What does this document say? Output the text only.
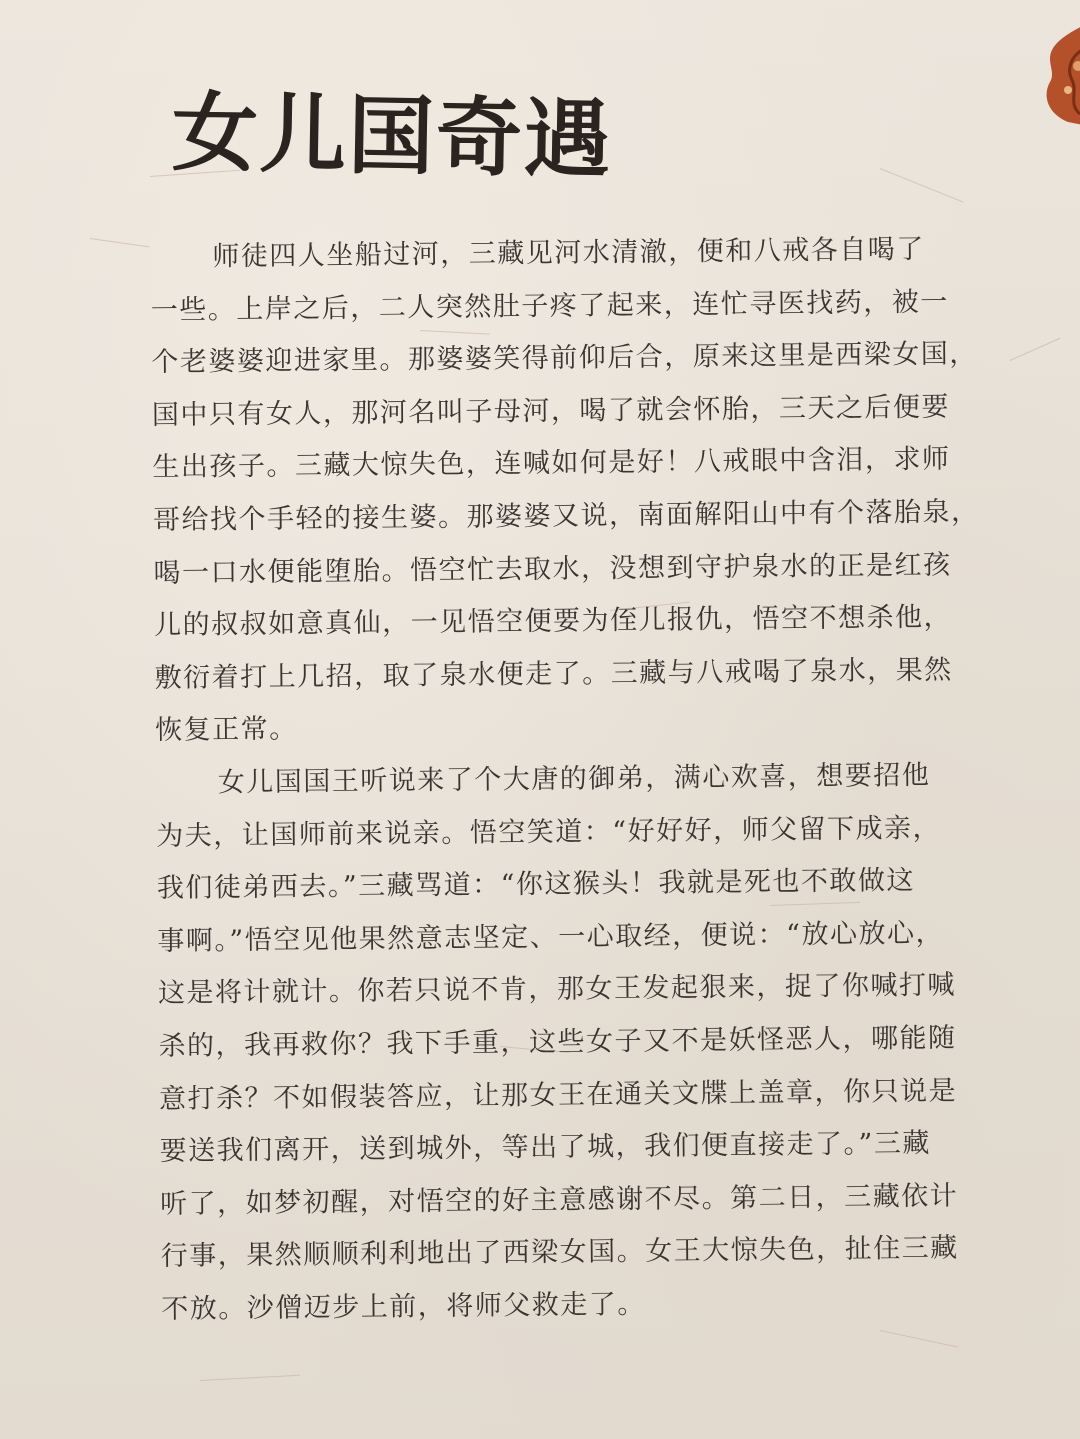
女儿国奇遇
师徒四人坐船过河，三藏见河水清澈，便和八戒各自喝了
一些。上岸之后，二人突然肚子疼了起来，连忙寻医找药，被一
个老婆婆迎进家里。那婆婆笑得前仰后合，原来这里是西梁女国，
国中只有女人，那河名叫子母河，喝了就会怀胎，三天之后便要
生出孩子。三藏大惊失色，连喊如何是好！八戒眼中含泪，求师
哥给找个手轻的接生婆。那婆婆又说，南面解阳山中有个落胎泉，
喝一口水便能堕胎。悟空忙去取水，没想到守护泉水的正是红孩
儿的叔叔如意真仙，一见悟空便要为侄儿报仇，悟空不想杀他，
敷衍着打上几招，取了泉水便走了。三藏与八戒喝了泉水，果然
恢复正常。
女儿国国王听说来了个大唐的御弟，满心欢喜，想要招他
为夫，让国师前来说亲。悟空笑道：“好好好，师父留下成亲，
我们徒弟西去。”三藏骂道：“你这猴头！我就是死也不敢做这
事啊。”悟空见他果然意志坚定、一心取经，便说：“放心放心，
这是将计就计。你若只说不肯，那女王发起狠来，捉了你喊打喊
杀的，我再救你？我下手重，这些女子又不是妖怪恶人，哪能随
意打杀？不如假装答应，让那女王在通关文牒上盖章，你只说是
要送我们离开，送到城外，等出了城，我们便直接走了。”三藏
听了，如梦初醒，对悟空的好主意感谢不尽。第二日，三藏依计
行事，果然顺顺利利地出了西梁女国。女王大惊失色，扯住三藏
不放。沙僧迈步上前，将师父救走了。
